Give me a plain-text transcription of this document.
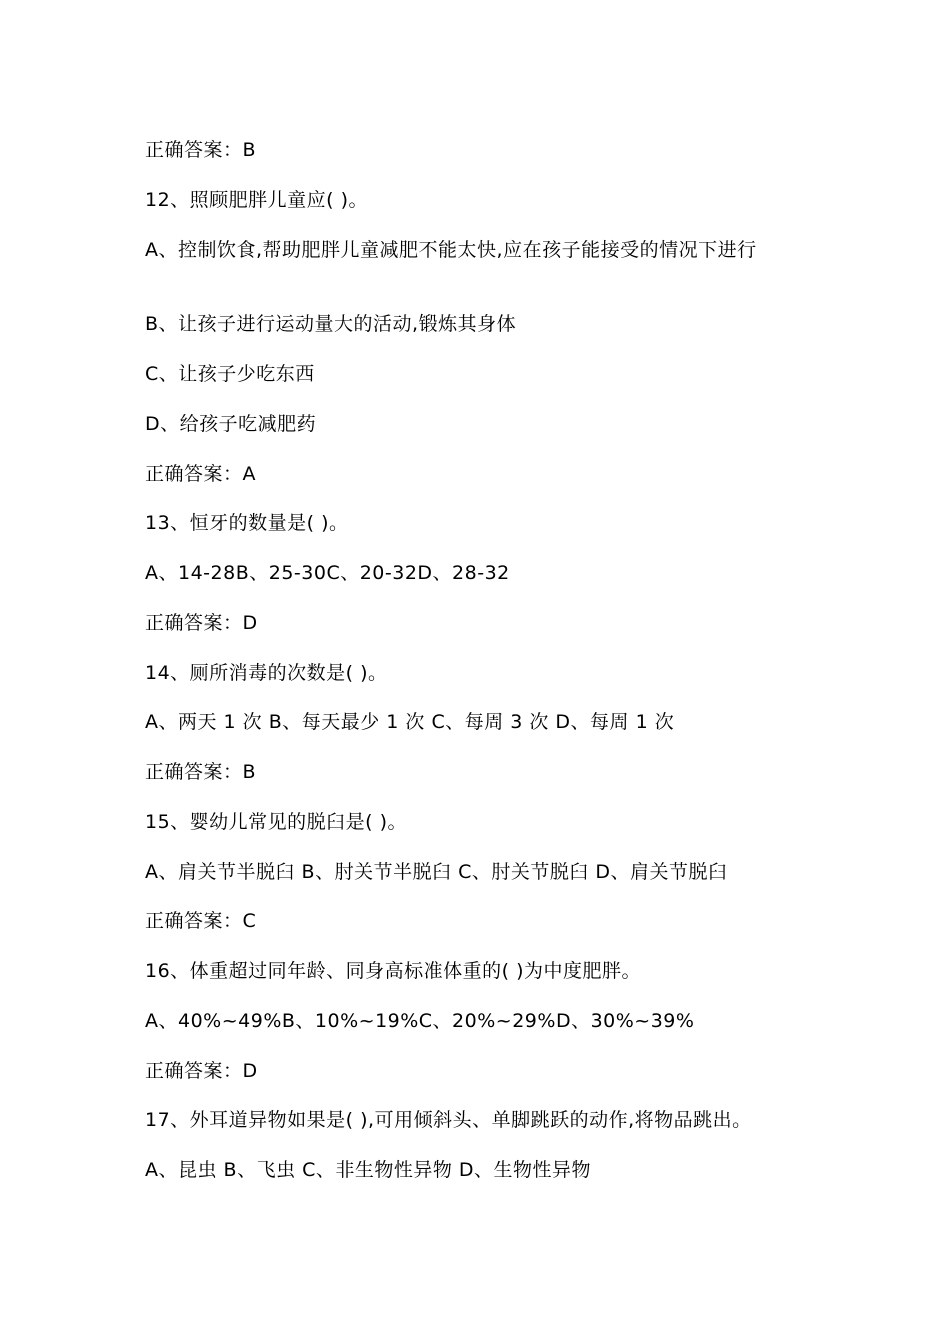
正确答案：B
12、照顾肥胖儿童应( )。
A、控制饮食,帮助肥胖儿童减肥不能太快,应在孩子能接受的情况下进行
B、让孩子进行运动量大的活动,锻炼其身体
C、让孩子少吃东西
D、给孩子吃减肥药
正确答案：A
13、恒牙的数量是( )。
A、14-28B、25-30C、20-32D、28-32
正确答案：D
14、厕所消毒的次数是( )。
A、两天 1 次 B、每天最少 1 次 C、每周 3 次 D、每周 1 次
正确答案：B
15、婴幼儿常见的脱臼是( )。
A、肩关节半脱臼 B、肘关节半脱臼 C、肘关节脱臼 D、肩关节脱臼
正确答案：C
16、体重超过同年龄、同身高标准体重的( )为中度肥胖。
A、40%~49%B、10%~19%C、20%~29%D、30%~39%
正确答案：D
17、外耳道异物如果是( ),可用倾斜头、单脚跳跃的动作,将物品跳出。
A、昆虫 B、飞虫 C、非生物性异物 D、生物性异物
